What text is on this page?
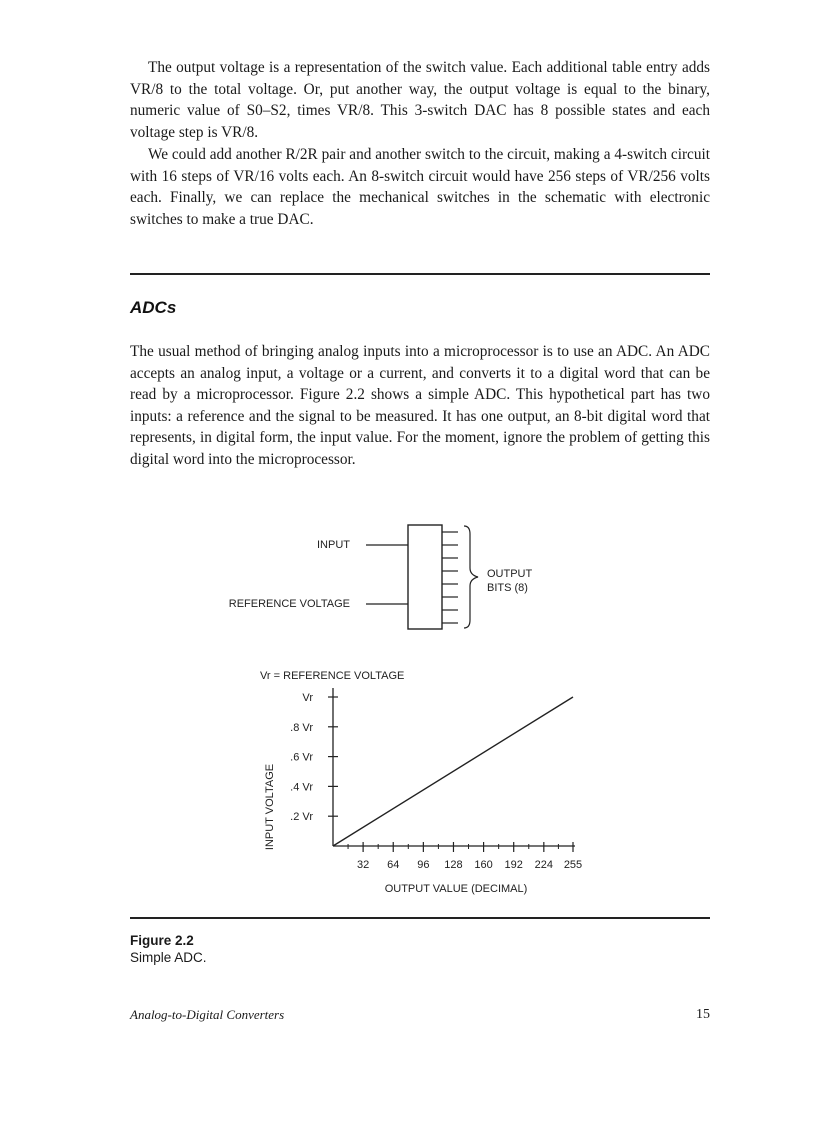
The output voltage is a representation of the switch value. Each additional table entry adds VR/8 to the total voltage. Or, put another way, the output voltage is equal to the binary, numeric value of S0–S2, times VR/8. This 3-switch DAC has 8 possible states and each voltage step is VR/8.

We could add another R/2R pair and another switch to the circuit, making a 4-switch circuit with 16 steps of VR/16 volts each. An 8-switch circuit would have 256 steps of VR/256 volts each. Finally, we can replace the mechanical switches in the schematic with electronic switches to make a true DAC.

ADCs

The usual method of bringing analog inputs into a microprocessor is to use an ADC. An ADC accepts an analog input, a voltage or a current, and converts it to a digital word that can be read by a microprocessor. Figure 2.2 shows a simple ADC. This hypothetical part has two inputs: a reference and the signal to be measured. It has one output, an 8-bit digital word that represents, in digital form, the input value. For the moment, ignore the problem of getting this digital word into the microprocessor.

INPUT
REFERENCE VOLTAGE
OUTPUT
BITS (8)
Vr = REFERENCE VOLTAGE
INPUT VOLTAGE .2 Vr
.4 Vr
.6 Vr
.8 Vr
Vr
32 64 96 128 160 192 224 255
OUTPUT VALUE (DECIMAL)
Figure 2.2
Simple ADC.
Analog-to-Digital Converters	15
